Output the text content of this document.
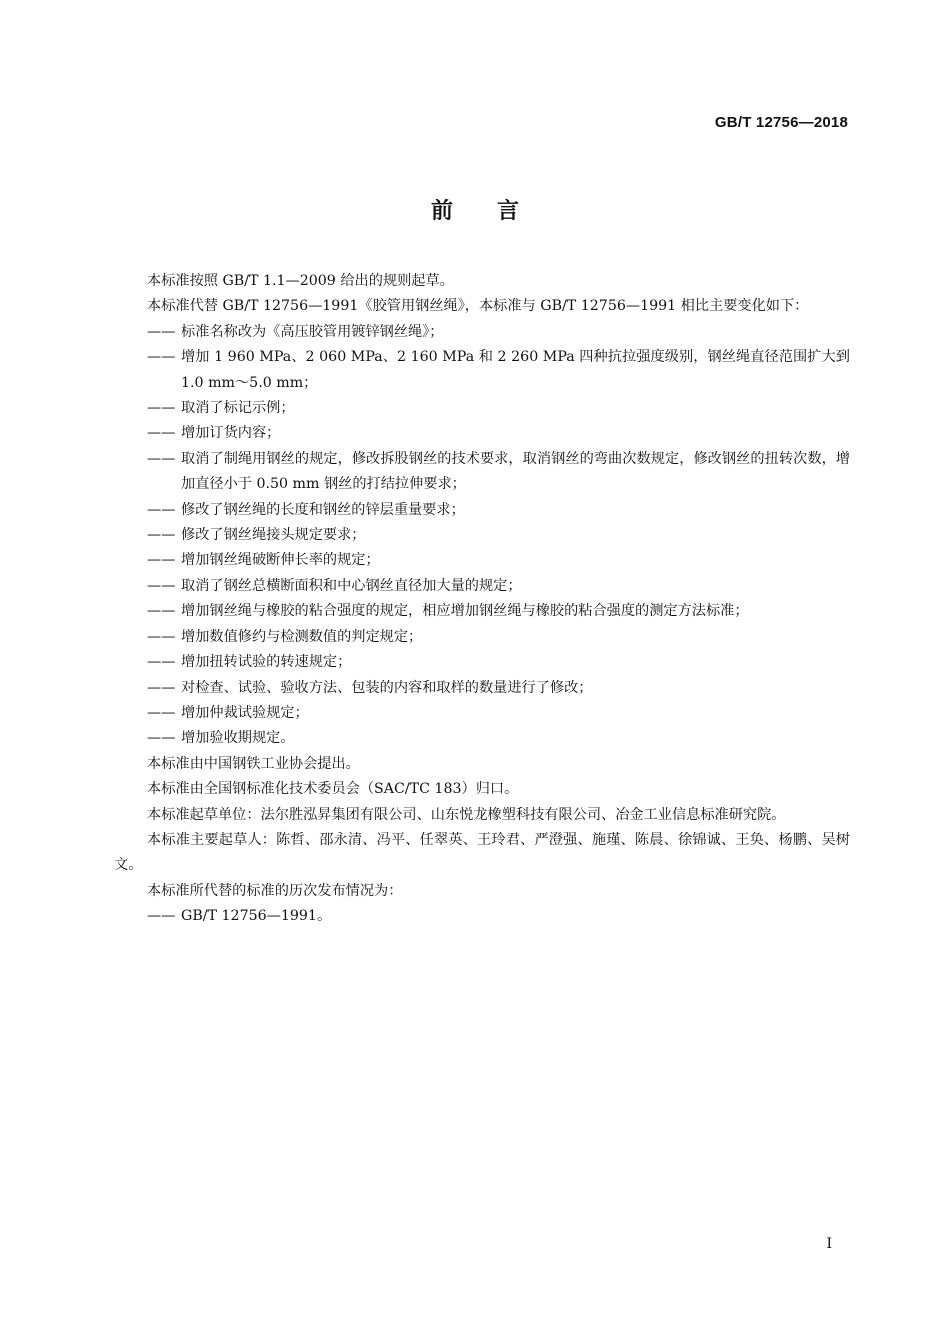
GB/T 12756—2018
前言

本标准按照 GB/T 1.1—2009 给出的规则起草。

本标准代替 GB/T 12756—1991《胶管用钢丝绳》，本标准与 GB/T 12756—1991 相比主要变化如下：

—— 标准名称改为《高压胶管用镀锌钢丝绳》；

—— 增加 1 960 MPa、2 060 MPa、2 160 MPa 和 2 260 MPa 四种抗拉强度级别，钢丝绳直径范围扩大到 1.0 mm～5.0 mm；

—— 取消了标记示例；

—— 增加订货内容；

—— 取消了制绳用钢丝的规定，修改拆股钢丝的技术要求，取消钢丝的弯曲次数规定，修改钢丝的扭转次数，增加直径小于 0.50 mm 钢丝的打结拉伸要求；

—— 修改了钢丝绳的长度和钢丝的锌层重量要求；

—— 修改了钢丝绳接头规定要求；

—— 增加钢丝绳破断伸长率的规定；

—— 取消了钢丝总横断面积和中心钢丝直径加大量的规定；

—— 增加钢丝绳与橡胶的粘合强度的规定，相应增加钢丝绳与橡胶的粘合强度的测定方法标准；

—— 增加数值修约与检测数值的判定规定；

—— 增加扭转试验的转速规定；

—— 对检查、试验、验收方法、包装的内容和取样的数量进行了修改；

—— 增加仲裁试验规定；

—— 增加验收期规定。

本标准由中国钢铁工业协会提出。

本标准由全国钢标准化技术委员会（SAC/TC 183）归口。

本标准起草单位：法尔胜泓昇集团有限公司、山东悦龙橡塑科技有限公司、冶金工业信息标准研究院。

本标准主要起草人：陈哲、邵永清、冯平、任翠英、王玲君、严澄强、施瑾、陈晨、徐锦诚、王奂、杨鹏、吴树文。

本标准所代替的标准的历次发布情况为：

—— GB/T 12756—1991。

I
